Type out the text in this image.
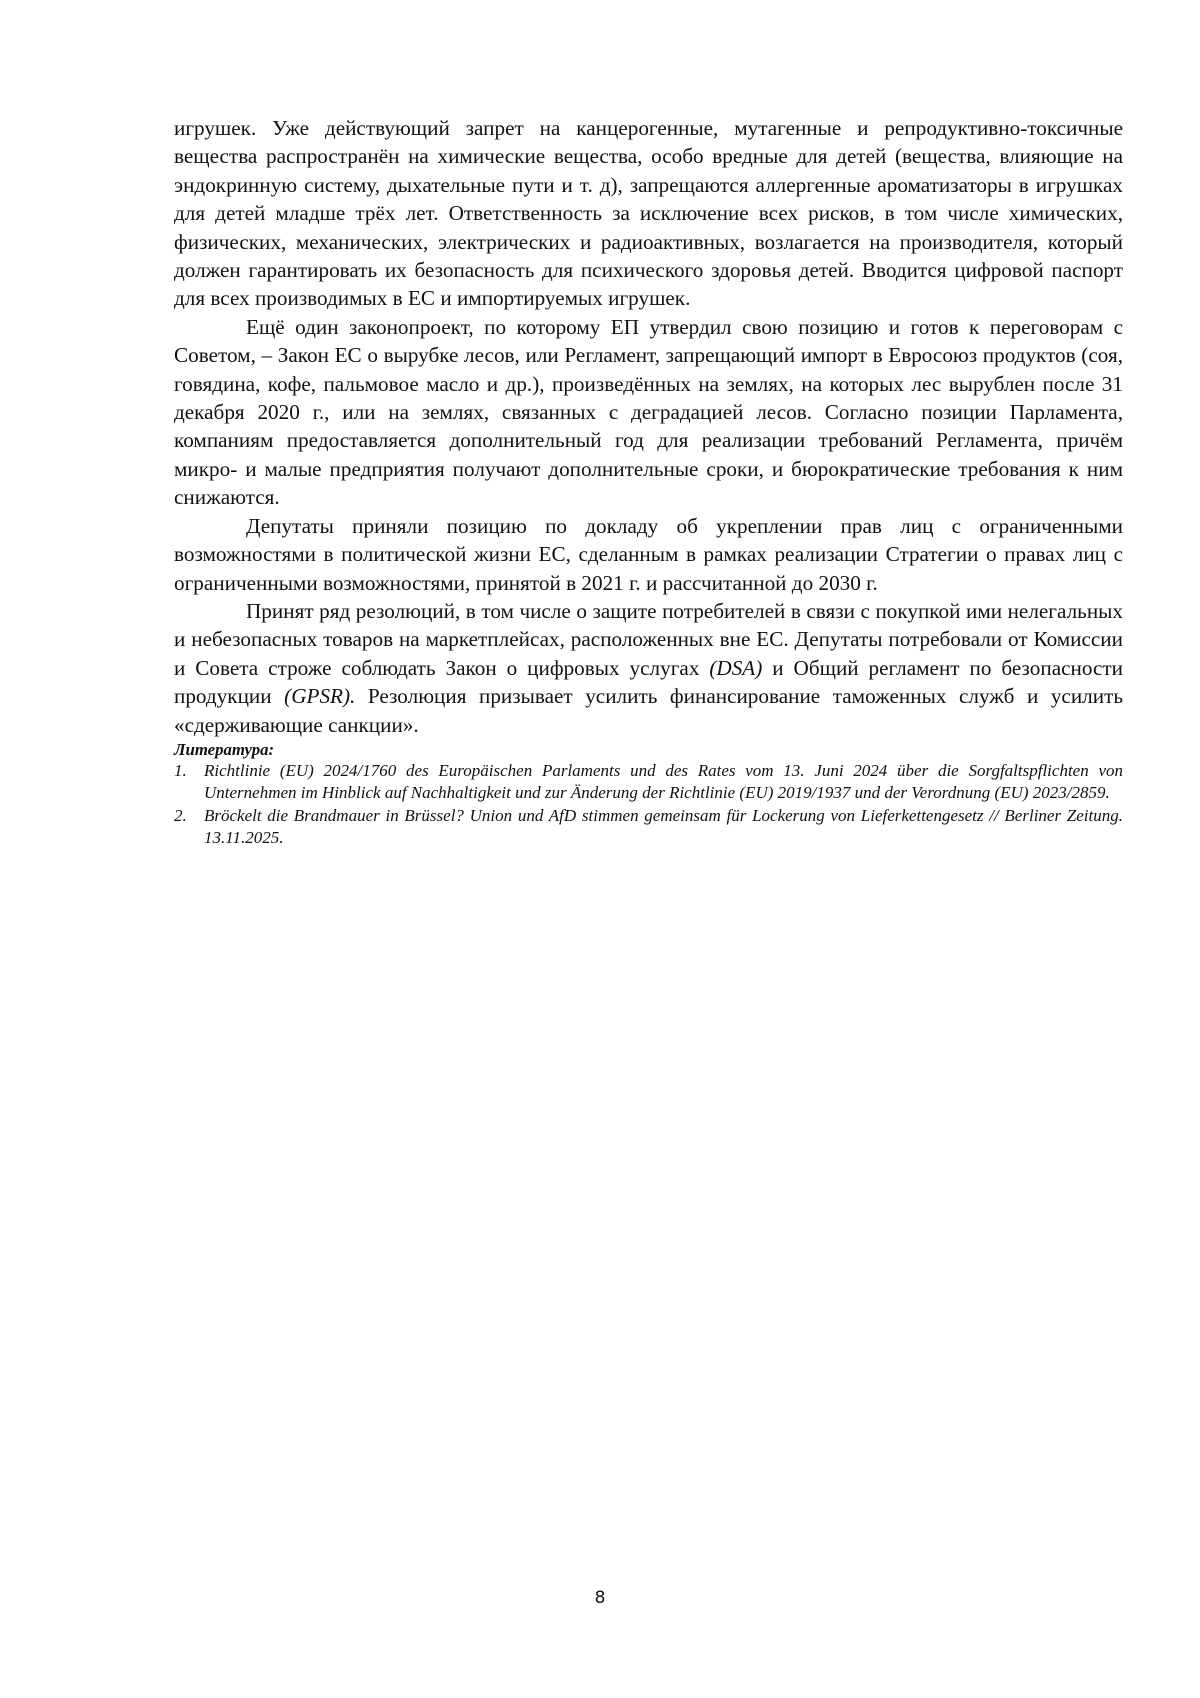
игрушек. Уже действующий запрет на канцерогенные, мутагенные и репродуктивно-токсичные вещества распространён на химические вещества, особо вредные для детей (вещества, влияющие на эндокринную систему, дыхательные пути и т. д), запрещаются аллергенные ароматизаторы в игрушках для детей младше трёх лет. Ответственность за исключение всех рисков, в том числе химических, физических, механических, электрических и радиоактивных, возлагается на производителя, который должен гарантировать их безопасность для психического здоровья детей. Вводится цифровой паспорт для всех производимых в ЕС и импортируемых игрушек.

Ещё один законопроект, по которому ЕП утвердил свою позицию и готов к переговорам с Советом, – Закон ЕС о вырубке лесов, или Регламент, запрещающий импорт в Евросоюз продуктов (соя, говядина, кофе, пальмовое масло и др.), произведённых на землях, на которых лес вырублен после 31 декабря 2020 г., или на землях, связанных с деградацией лесов. Согласно позиции Парламента, компаниям предоставляется дополнительный год для реализации требований Регламента, причём микро- и малые предприятия получают дополнительные сроки, и бюрократические требования к ним снижаются.

Депутаты приняли позицию по докладу об укреплении прав лиц с ограниченными возможностями в политической жизни ЕС, сделанным в рамках реализации Стратегии о правах лиц с ограниченными возможностями, принятой в 2021 г. и рассчитанной до 2030 г.

Принят ряд резолюций, в том числе о защите потребителей в связи с покупкой ими нелегальных и небезопасных товаров на маркетплейсах, расположенных вне ЕС. Депутаты потребовали от Комиссии и Совета строже соблюдать Закон о цифровых услугах (DSA) и Общий регламент по безопасности продукции (GPSR). Резолюция призывает усилить финансирование таможенных служб и усилить «сдерживающие санкции».

Литература:

1. Richtlinie (EU) 2024/1760 des Europäischen Parlaments und des Rates vom 13. Juni 2024 über die Sorgfaltspflichten von Unternehmen im Hinblick auf Nachhaltigkeit und zur Änderung der Richtlinie (EU) 2019/1937 und der Verordnung (EU) 2023/2859.
2. Bröckelt die Brandmauer in Brüssel? Union und AfD stimmen gemeinsam für Lockerung von Lieferkettengesetz // Berliner Zeitung. 13.11.2025.
8
